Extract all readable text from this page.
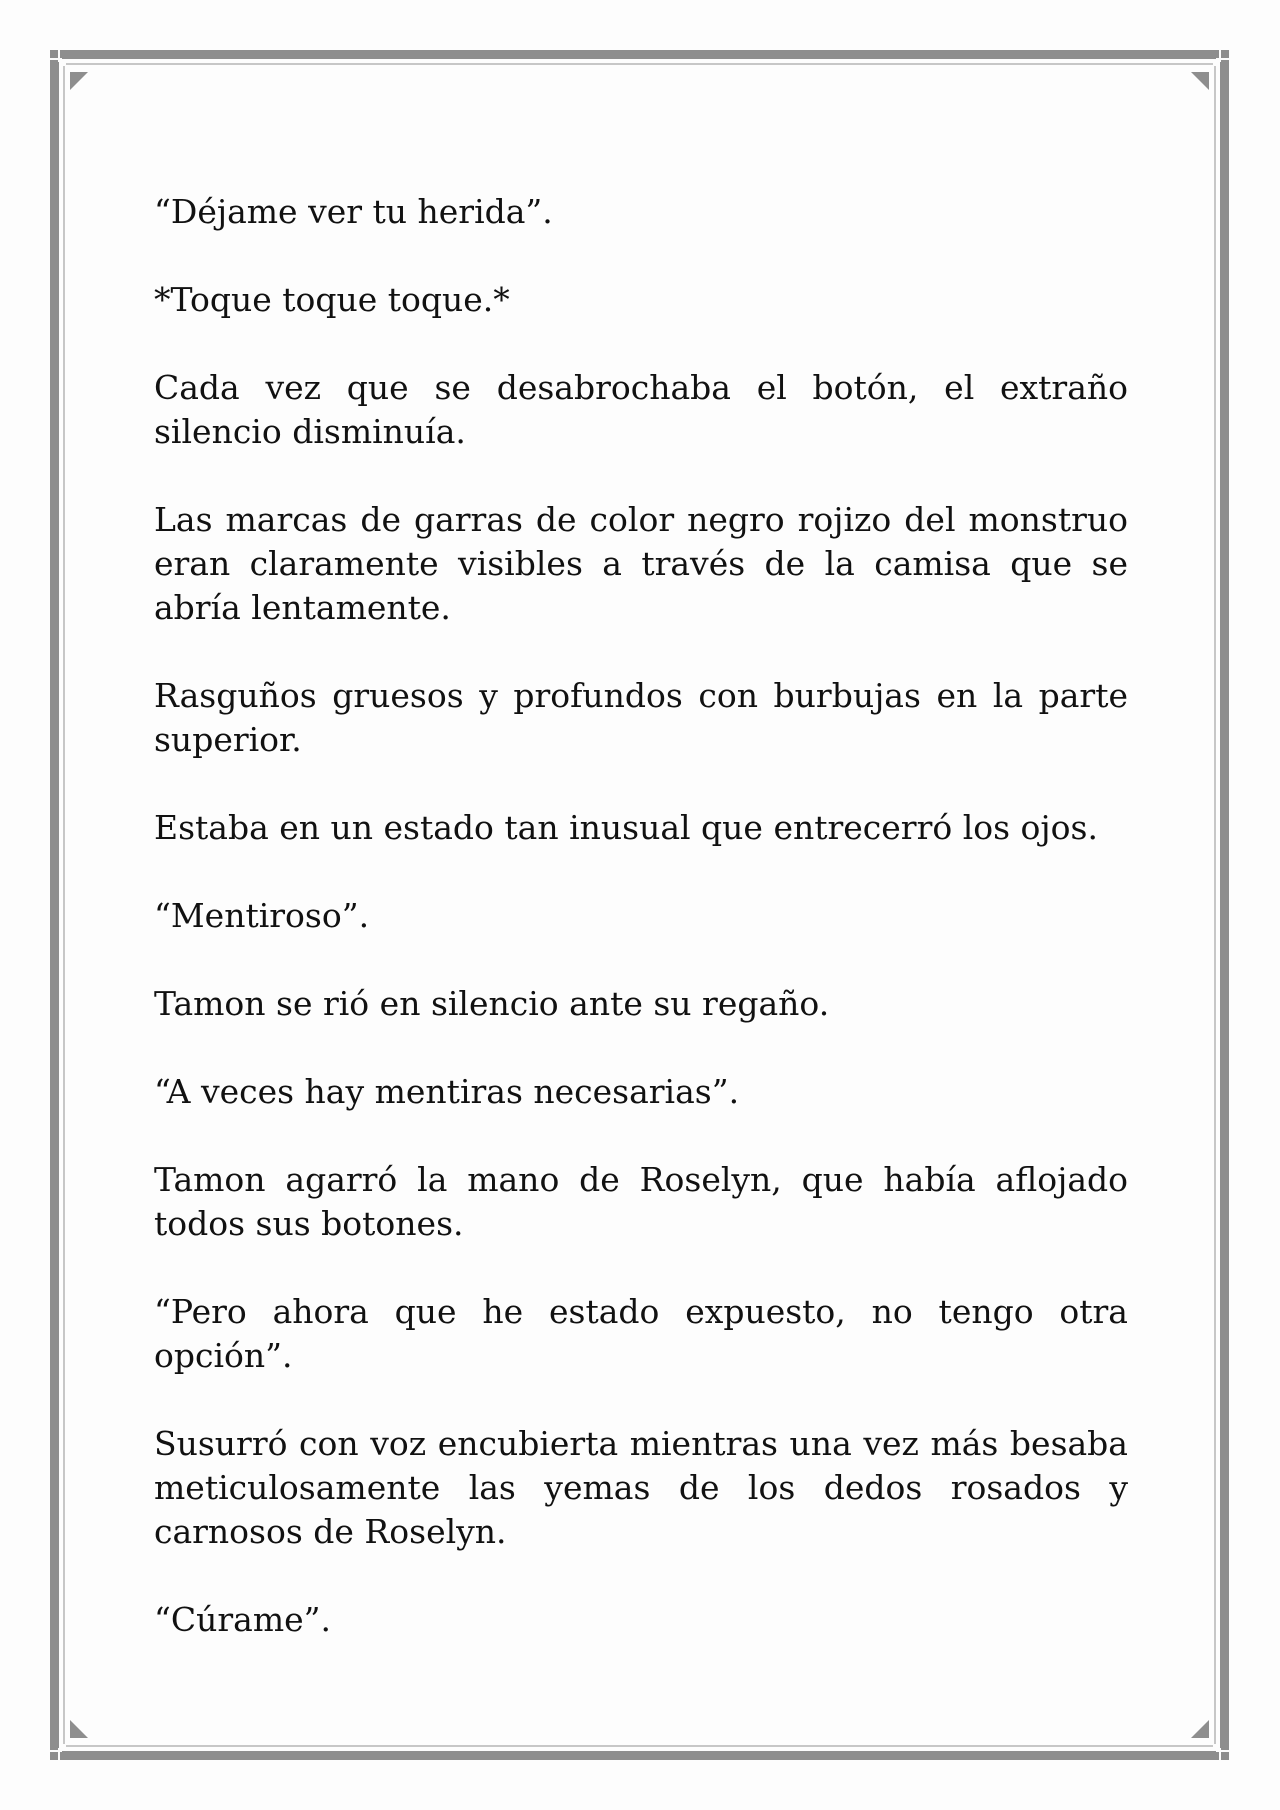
“Déjame ver tu herida”.

*Toque toque toque.*

Cada vez que se desabrochaba el botón, el extraño silencio disminuía.

Las marcas de garras de color negro rojizo del monstruo eran claramente visibles a través de la camisa que se abría lentamente.

Rasguños gruesos y profundos con burbujas en la parte superior.

Estaba en un estado tan inusual que entrecerró los ojos.

“Mentiroso”.

Tamon se rió en silencio ante su regaño.

“A veces hay mentiras necesarias”.

Tamon agarró la mano de Roselyn, que había aflojado todos sus botones.

“Pero ahora que he estado expuesto, no tengo otra opción”.

Susurró con voz encubierta mientras una vez más besaba meticulosamente las yemas de los dedos rosados y carnosos de Roselyn.

“Cúrame”.
